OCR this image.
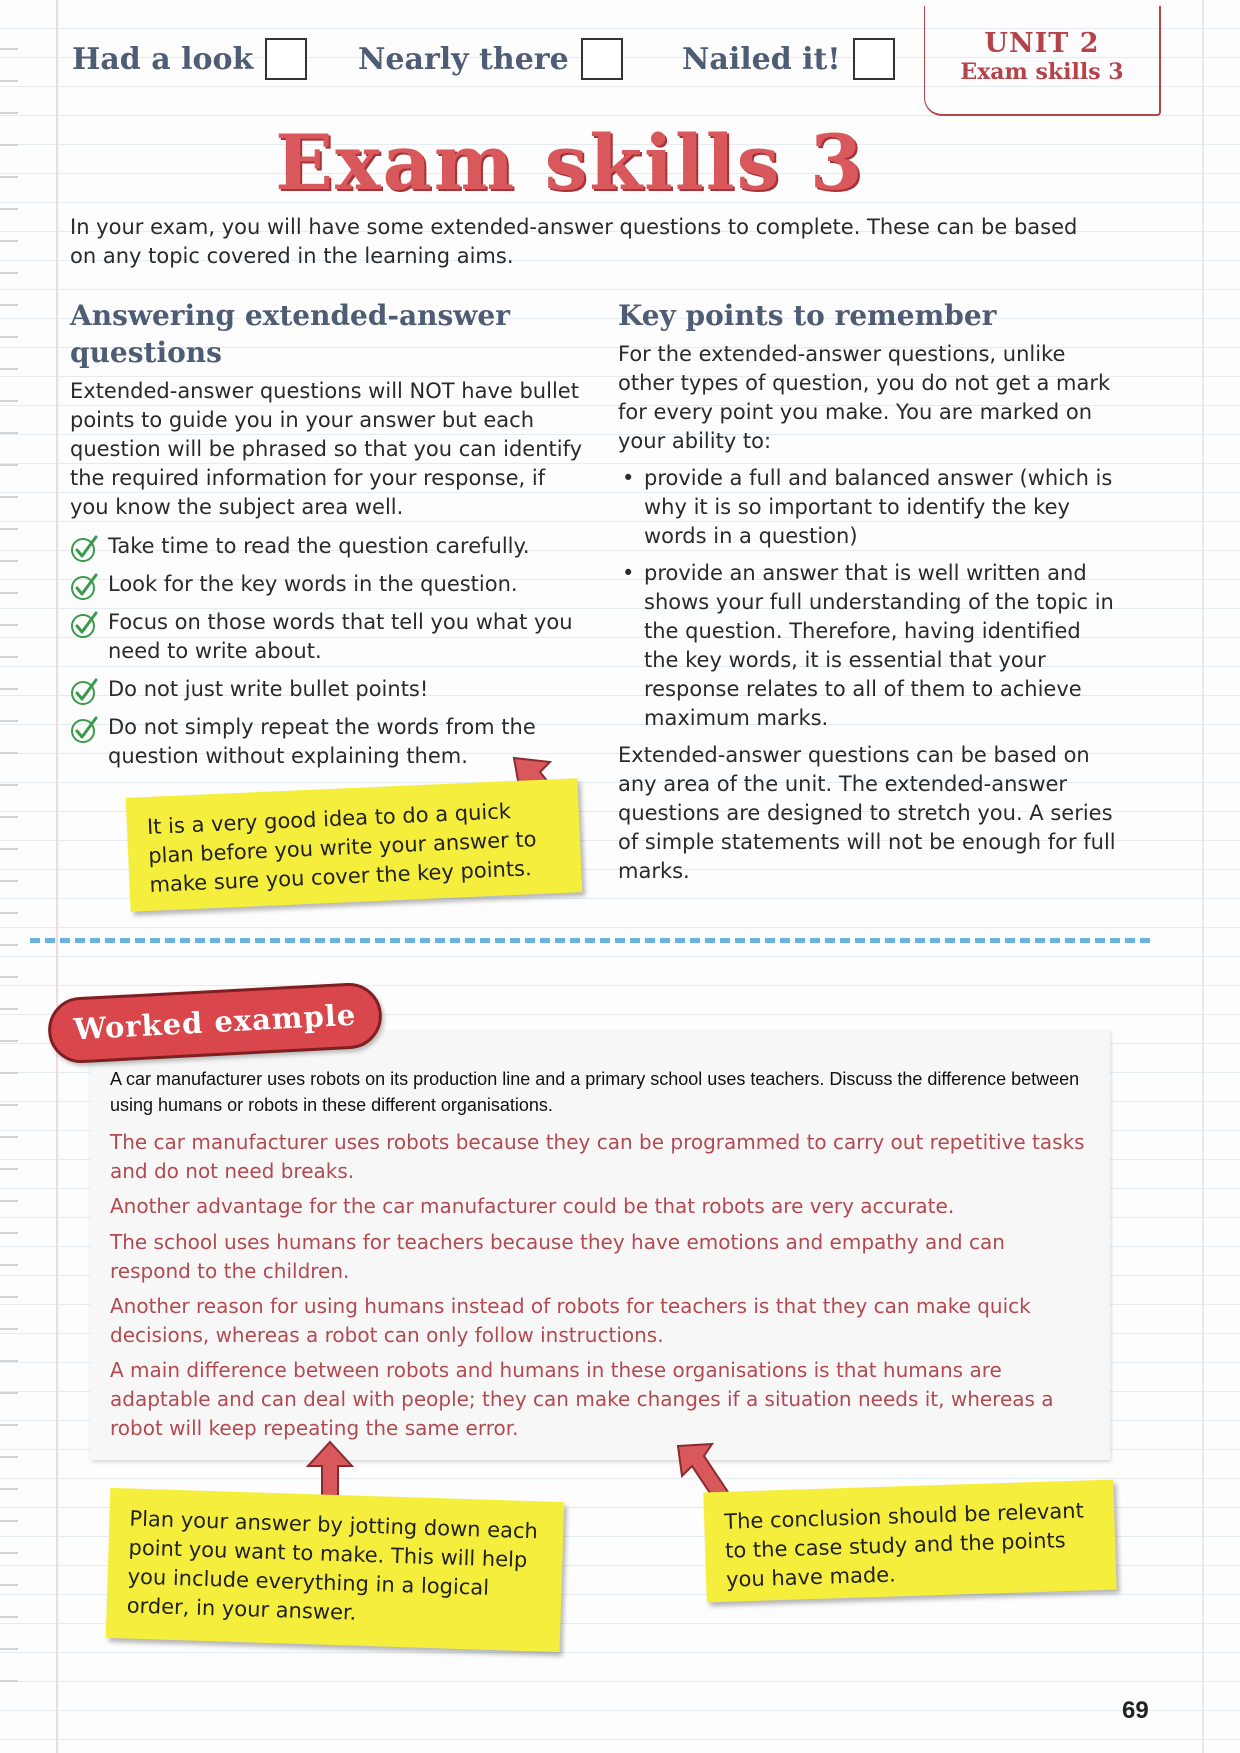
Had a look	Nearly there	Nailed it!	UNIT 2
Exam skills 3
Exam skills 3
In your exam, you will have some extended-answer questions to complete. These can be based on any topic covered in the learning aims.
Answering extended-answer questions
Extended-answer questions will NOT have bullet points to guide you in your answer but each question will be phrased so that you can identify the required information for your response, if you know the subject area well.
Take time to read the question carefully.
Look for the key words in the question.
Focus on those words that tell you what you need to write about.
Do not just write bullet points!
Do not simply repeat the words from the question without explaining them.
It is a very good idea to do a quick plan before you write your answer to make sure you cover the key points.
Key points to remember
For the extended-answer questions, unlike other types of question, you do not get a mark for every point you make. You are marked on your ability to:
• provide a full and balanced answer (which is why it is so important to identify the key words in a question)
• provide an answer that is well written and shows your full understanding of the topic in the question. Therefore, having identified the key words, it is essential that your response relates to all of them to achieve maximum marks.
Extended-answer questions can be based on any area of the unit. The extended-answer questions are designed to stretch you. A series of simple statements will not be enough for full marks.
A car manufacturer uses robots on its production line and a primary school uses teachers. Discuss the difference between using humans or robots in these different organisations.
The car manufacturer uses robots because they can be programmed to carry out repetitive tasks and do not need breaks.
Another advantage for the car manufacturer could be that robots are very accurate.
The school uses humans for teachers because they have emotions and empathy and can respond to the children.
Another reason for using humans instead of robots for teachers is that they can make quick decisions, whereas a robot can only follow instructions.
A main difference between robots and humans in these organisations is that humans are adaptable and can deal with people; they can make changes if a situation needs it, whereas a robot will keep repeating the same error.
Worked example
Plan your answer by jotting down each point you want to make. This will help you include everything in a logical order, in your answer.
The conclusion should be relevant to the case study and the points you have made.
69
